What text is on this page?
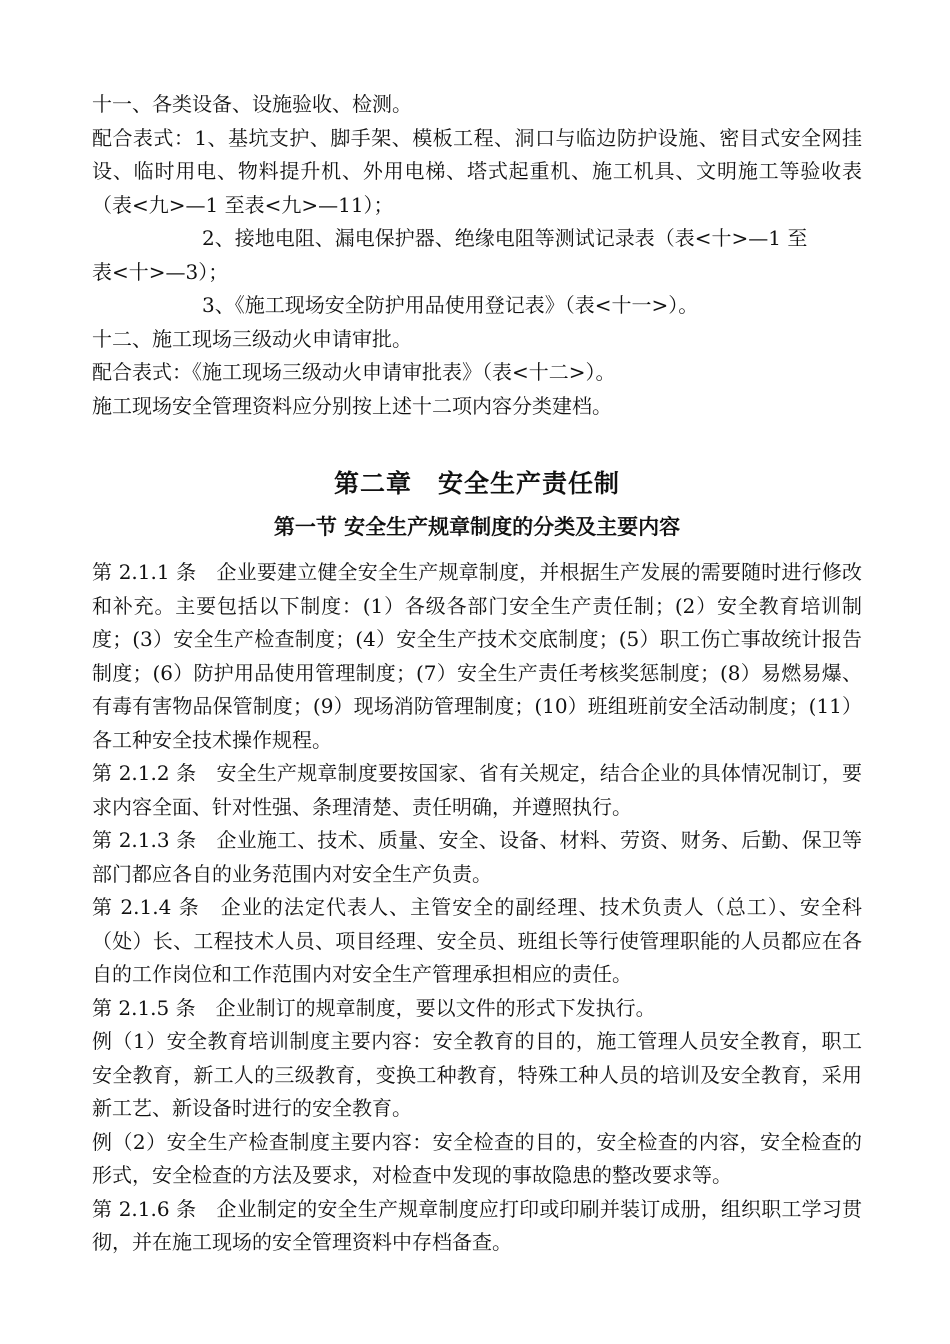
十一、各类设备、设施验收、检测。

配合表式：1、基坑支护、脚手架、模板工程、洞口与临边防护设施、密目式安全网挂设、临时用电、物料提升机、外用电梯、塔式起重机、施工机具、文明施工等验收表（表<九>—1 至表<九>—11）；

2、接地电阻、漏电保护器、绝缘电阻等测试记录表（表<十>—1 至

表<十>—3）；

3、《施工现场安全防护用品使用登记表》（表<十一>）。

十二、施工现场三级动火申请审批。

配合表式：《施工现场三级动火申请审批表》（表<十二>）。

施工现场安全管理资料应分别按上述十二项内容分类建档。

第二章　安全生产责任制
第一节 安全生产规章制度的分类及主要内容

第 2.1.1 条　企业要建立健全安全生产规章制度，并根据生产发展的需要随时进行修改和补充。主要包括以下制度：(1）各级各部门安全生产责任制；(2）安全教育培训制度；(3）安全生产检查制度；(4）安全生产技术交底制度；(5）职工伤亡事故统计报告制度；(6）防护用品使用管理制度；(7）安全生产责任考核奖惩制度；(8）易燃易爆、有毒有害物品保管制度；(9）现场消防管理制度；(10）班组班前安全活动制度；(11）各工种安全技术操作规程。

第 2.1.2 条　安全生产规章制度要按国家、省有关规定，结合企业的具体情况制订，要求内容全面、针对性强、条理清楚、责任明确，并遵照执行。

第 2.1.3 条　企业施工、技术、质量、安全、设备、材料、劳资、财务、后勤、保卫等部门都应各自的业务范围内对安全生产负责。

第 2.1.4 条　企业的法定代表人、主管安全的副经理、技术负责人（总工）、安全科（处）长、工程技术人员、项目经理、安全员、班组长等行使管理职能的人员都应在各自的工作岗位和工作范围内对安全生产管理承担相应的责任。

第 2.1.5 条　企业制订的规章制度，要以文件的形式下发执行。

例（1）安全教育培训制度主要内容：安全教育的目的，施工管理人员安全教育，职工安全教育，新工人的三级教育，变换工种教育，特殊工种人员的培训及安全教育，采用新工艺、新设备时进行的安全教育。

例（2）安全生产检查制度主要内容：安全检查的目的，安全检查的内容，安全检查的形式，安全检查的方法及要求，对检查中发现的事故隐患的整改要求等。

第 2.1.6 条　企业制定的安全生产规章制度应打印或印刷并装订成册，组织职工学习贯彻，并在施工现场的安全管理资料中存档备查。
